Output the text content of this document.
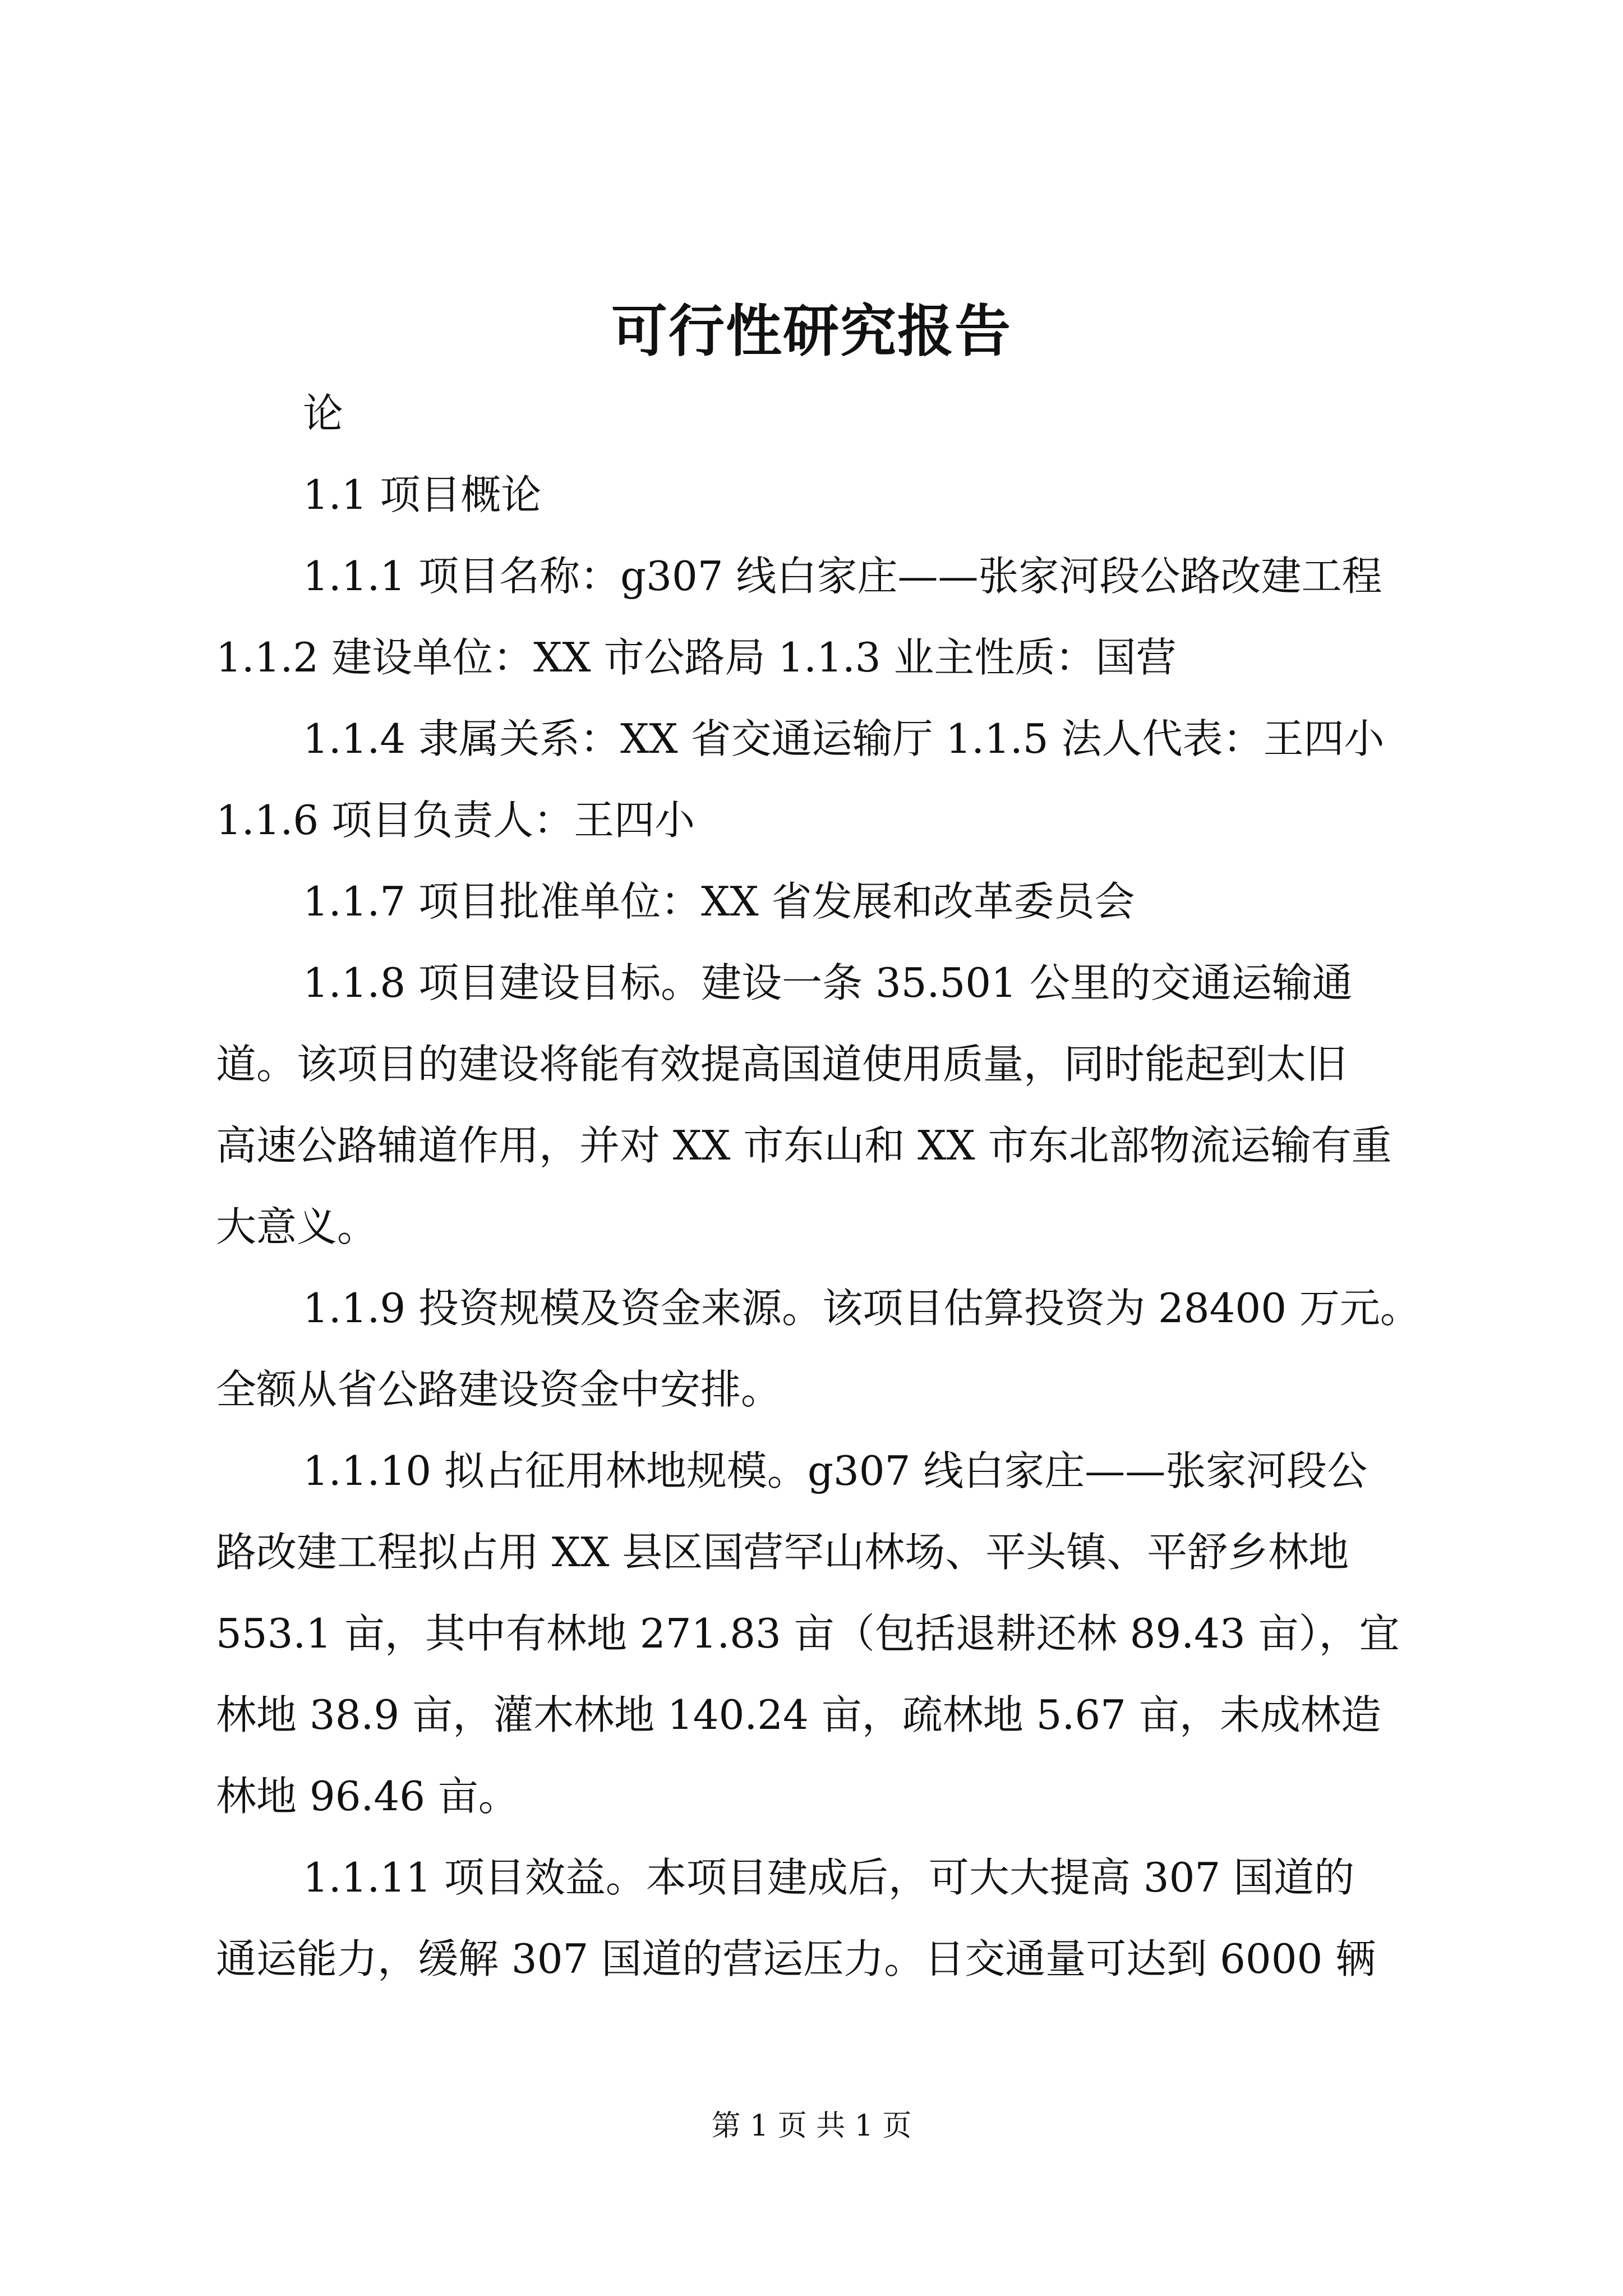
可行性研究报告
论
1.1 项目概论
1.1.1 项目名称：g307 线白家庄——张家河段公路改建工程
1.1.2 建设单位：XX 市公路局 1.1.3 业主性质：国营
1.1.4 隶属关系：XX 省交通运输厅 1.1.5 法人代表：王四小
1.1.6 项目负责人：王四小
1.1.7 项目批准单位：XX 省发展和改革委员会
1.1.8 项目建设目标。建设一条 35.501 公里的交通运输通
道。该项目的建设将能有效提高国道使用质量，同时能起到太旧
高速公路辅道作用，并对 XX 市东山和 XX 市东北部物流运输有重
大意义。
1.1.9 投资规模及资金来源。该项目估算投资为 28400 万元。
全额从省公路建设资金中安排。
1.1.10 拟占征用林地规模。g307 线白家庄——张家河段公
路改建工程拟占用 XX 县区国营罕山林场、平头镇、平舒乡林地
553.1 亩，其中有林地 271.83 亩（包括退耕还林 89.43 亩），宜
林地 38.9 亩，灌木林地 140.24 亩，疏林地 5.67 亩，未成林造
林地 96.46 亩。
1.1.11 项目效益。本项目建成后，可大大提高 307 国道的
通运能力，缓解 307 国道的营运压力。日交通量可达到 6000 辆
第 1 页 共 1 页
